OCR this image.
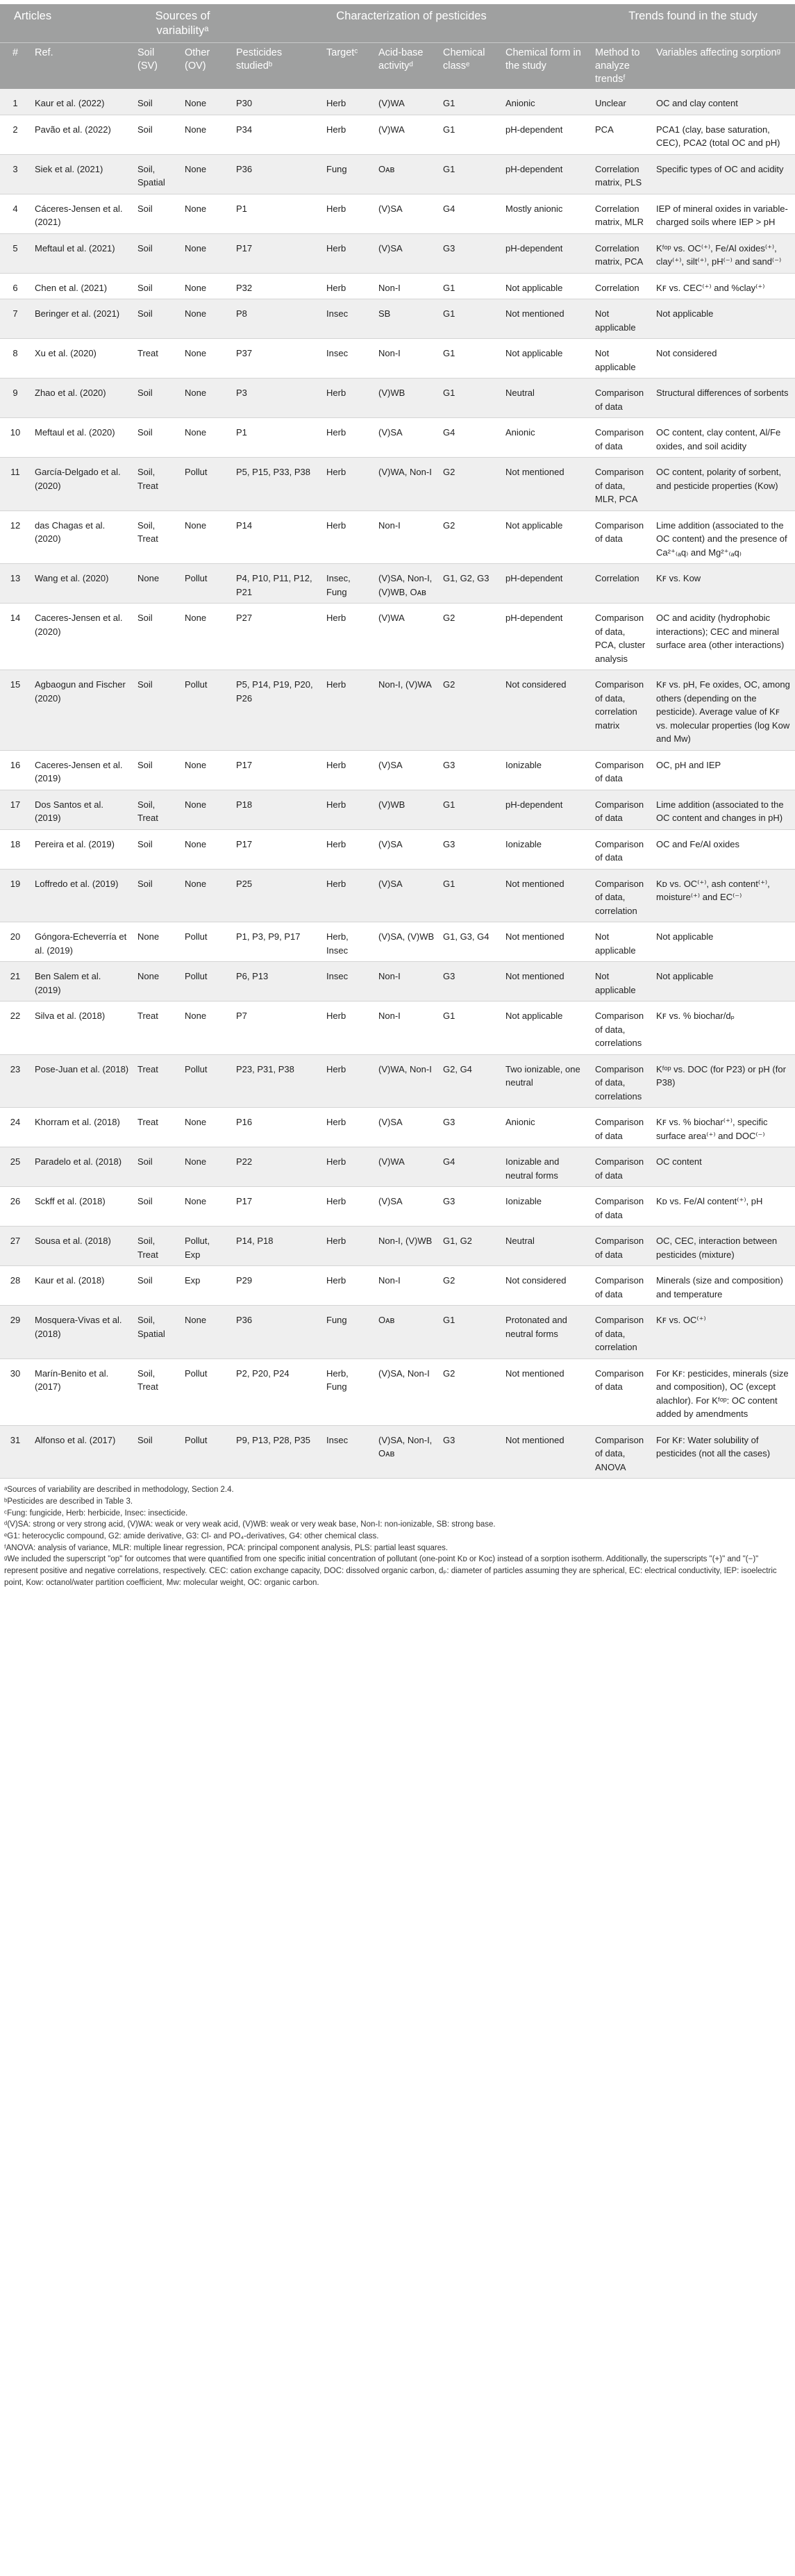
Articles		Sources of variabilityᵃ		Characterization of pesticides					Trends found in the study	
#	Ref.	Soil (SV)	Other (OV)	Pesticides studiedᵇ	Targetᶜ	Acid-base activityᵈ	Chemical classᵉ	Chemical form in the study	Method to analyze trendsᶠ	Variables affecting sorptionᵍ
1	Kaur et al. (2022)	Soil	None	P30	Herb	(V)WA	G1	Anionic	Unclear	OC and clay content
2	Pavão et al. (2022)	Soil	None	P34	Herb	(V)WA	G1	pH-dependent	PCA	PCA1 (clay, base saturation, CEC), PCA2 (total OC and pH)
3	Siek et al. (2021)	Soil, Spatial	None	P36	Fung	Oᴀʙ	G1	pH-dependent	Correlation matrix, PLS	Specific types of OC and acidity
4	Cáceres-Jensen et al. (2021)	Soil	None	P1	Herb	(V)SA	G4	Mostly anionic	Correlation matrix, MLR	IEP of mineral oxides in variable-charged soils where IEP > pH
5	Meftaul et al. (2021)	Soil	None	P17	Herb	(V)SA	G3	pH-dependent	Correlation matrix, PCA	Kᶠᵒᵖ vs. OC⁽⁺⁾, Fe/Al oxides⁽⁺⁾, clay⁽⁺⁾, silt⁽⁺⁾, pH⁽⁻⁾ and sand⁽⁻⁾
6	Chen et al. (2021)	Soil	None	P32	Herb	Non-I	G1	Not applicable	Correlation	Kꜰ vs. CEC⁽⁺⁾ and %clay⁽⁺⁾
7	Beringer et al. (2021)	Soil	None	P8	Insec	SB	G1	Not mentioned	Not applicable	Not applicable
8	Xu et al. (2020)	Treat	None	P37	Insec	Non-I	G1	Not applicable	Not applicable	Not considered
9	Zhao et al. (2020)	Soil	None	P3	Herb	(V)WB	G1	Neutral	Comparison of data	Structural differences of sorbents
10	Meftaul et al. (2020)	Soil	None	P1	Herb	(V)SA	G4	Anionic	Comparison of data	OC content, clay content, Al/Fe oxides, and soil acidity
11	García-Delgado et al. (2020)	Soil, Treat	Pollut	P5, P15, P33, P38	Herb	(V)WA, Non-I	G2	Not mentioned	Comparison of data, MLR, PCA	OC content, polarity of sorbent, and pesticide properties (Kᴏᴡ)
12	das Chagas et al. (2020)	Soil, Treat	None	P14	Herb	Non-I	G2	Not applicable	Comparison of data	Lime addition (associated to the OC content) and the presence of Ca²⁺₍ₐq₎ and Mg²⁺₍ₐq₎
13	Wang et al. (2020)	None	Pollut	P4, P10, P11, P12, P21	Insec, Fung	(V)SA, Non-I, (V)WB, Oᴀʙ	G1, G2, G3	pH-dependent	Correlation	Kꜰ vs. Kᴏᴡ
14	Caceres-Jensen et al. (2020)	Soil	None	P27	Herb	(V)WA	G2	pH-dependent	Comparison of data, PCA, cluster analysis	OC and acidity (hydrophobic interactions); CEC and mineral surface area (other interactions)
15	Agbaogun and Fischer (2020)	Soil	Pollut	P5, P14, P19, P20, P26	Herb	Non-I, (V)WA	G2	Not considered	Comparison of data, correlation matrix	Kꜰ vs. pH, Fe oxides, OC, among others (depending on the pesticide). Average value of Kꜰ vs. molecular properties (log Kᴏᴡ and Mᴡ)
16	Caceres-Jensen et al. (2019)	Soil	None	P17	Herb	(V)SA	G3	Ionizable	Comparison of data	OC, pH and IEP
17	Dos Santos et al. (2019)	Soil, Treat	None	P18	Herb	(V)WB	G1	pH-dependent	Comparison of data	Lime addition (associated to the OC content and changes in pH)
18	Pereira et al. (2019)	Soil	None	P17	Herb	(V)SA	G3	Ionizable	Comparison of data	OC and Fe/Al oxides
19	Loffredo et al. (2019)	Soil	None	P25	Herb	(V)SA	G1	Not mentioned	Comparison of data, correlation	Kᴅ vs. OC⁽⁺⁾, ash content⁽⁺⁾, moisture⁽⁺⁾ and EC⁽⁻⁾
20	Góngora-Echeverría et al. (2019)	None	Pollut	P1, P3, P9, P17	Herb, Insec	(V)SA, (V)WB	G1, G3, G4	Not mentioned	Not applicable	Not applicable
21	Ben Salem et al. (2019)	None	Pollut	P6, P13	Insec	Non-I	G3	Not mentioned	Not applicable	Not applicable
22	Silva et al. (2018)	Treat	None	P7	Herb	Non-I	G1	Not applicable	Comparison of data, correlations	Kꜰ vs. % biochar/dₚ
23	Pose-Juan et al. (2018)	Treat	Pollut	P23, P31, P38	Herb	(V)WA, Non-I	G2, G4	Two ionizable, one neutral	Comparison of data, correlations	Kᶠᵒᵖ vs. DOC (for P23) or pH (for P38)
24	Khorram et al. (2018)	Treat	None	P16	Herb	(V)SA	G3	Anionic	Comparison of data	Kꜰ vs. % biochar⁽⁺⁾, specific surface area⁽⁺⁾ and DOC⁽⁻⁾
25	Paradelo et al. (2018)	Soil	None	P22	Herb	(V)WA	G4	Ionizable and neutral forms	Comparison of data	OC content
26	Sckff et al. (2018)	Soil	None	P17	Herb	(V)SA	G3	Ionizable	Comparison of data	Kᴅ vs. Fe/Al content⁽⁺⁾, pH
27	Sousa et al. (2018)	Soil, Treat	Pollut, Exp	P14, P18	Herb	Non-I, (V)WB	G1, G2	Neutral	Comparison of data	OC, CEC, interaction between pesticides (mixture)
28	Kaur et al. (2018)	Soil	Exp	P29	Herb	Non-I	G2	Not considered	Comparison of data	Minerals (size and composition) and temperature
29	Mosquera-Vivas et al. (2018)	Soil, Spatial	None	P36	Fung	Oᴀʙ	G1	Protonated and neutral forms	Comparison of data, correlation	Kꜰ vs. OC⁽⁺⁾
30	Marín-Benito et al. (2017)	Soil, Treat	Pollut	P2, P20, P24	Herb, Fung	(V)SA, Non-I	G2	Not mentioned	Comparison of data	For Kꜰ: pesticides, minerals (size and composition), OC (except alachlor). For Kᶠᵒᵖ: OC content added by amendments
31	Alfonso et al. (2017)	Soil	Pollut	P9, P13, P28, P35	Insec	(V)SA, Non-I, Oᴀʙ	G3	Not mentioned	Comparison of data, ANOVA	For Kꜰ: Water solubility of pesticides (not all the cases)

ᵃSources of variability are described in methodology, Section 2.4.

ᵇPesticides are described in Table 3.

ᶜFung: fungicide, Herb: herbicide, Insec: insecticide.

ᵈ(V)SA: strong or very strong acid, (V)WA: weak or very weak acid, (V)WB: weak or very weak base, Non-I: non-ionizable, SB: strong base.

ᵉG1: heterocyclic compound, G2: amide derivative, G3: Cl- and PO₄-derivatives, G4: other chemical class.

ᶠANOVA: analysis of variance, MLR: multiple linear regression, PCA: principal component analysis, PLS: partial least squares.

ᵍWe included the superscript "op" for outcomes that were quantified from one specific initial concentration of pollutant (one-point Kᴅ or Kᴏᴄ) instead of a sorption isotherm. Additionally, the superscripts "(+)" and "(−)" represent positive and negative correlations, respectively. CEC: cation exchange capacity, DOC: dissolved organic carbon, dₚ: diameter of particles assuming they are spherical, EC: electrical conductivity, IEP: isoelectric point, Kᴏᴡ: octanol/water partition coefficient, Mᴡ: molecular weight, OC: organic carbon.
